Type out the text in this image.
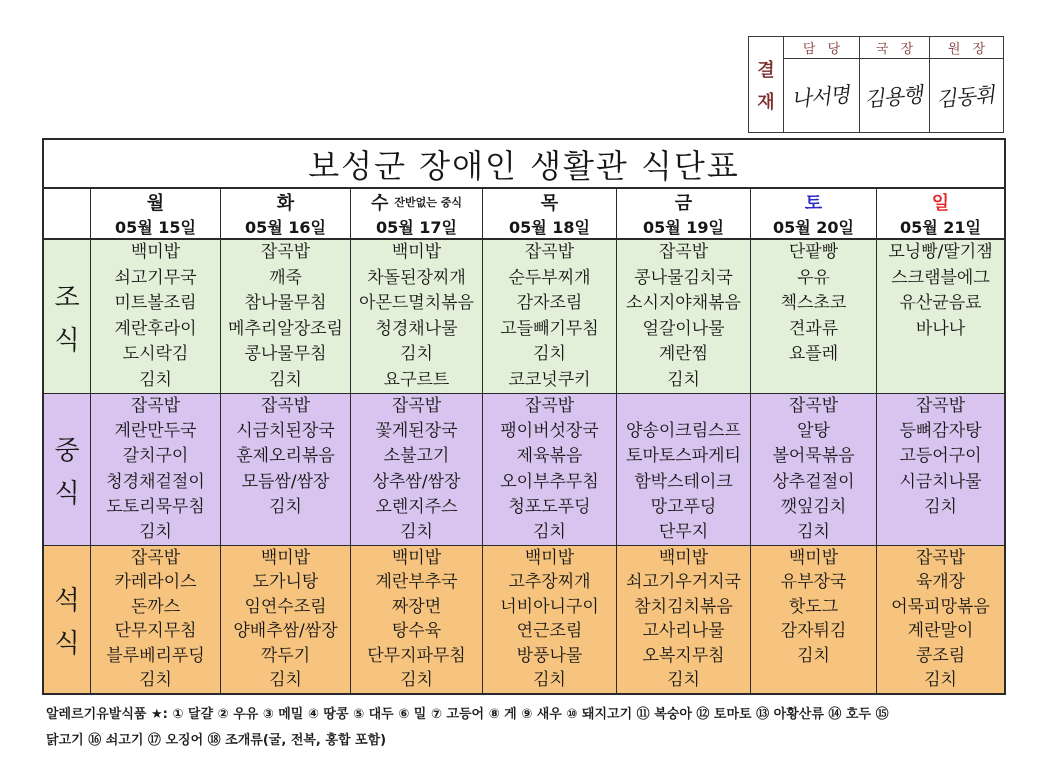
결
재
담 당	국 장	원 장
나서명 김용행 김동휘
보성군 장애인 생활관 식단표
월
05월 15일
화
05월 16일
수 잔반없는 중식
05월 17일
목
05월 18일
금
05월 19일
토
05월 20일
일
05월 21일
조
식
백미밥
쇠고기무국
미트볼조림
계란후라이
도시락김
김치
잡곡밥
깨죽
참나물무침
메추리알장조림
콩나물무침
김치
백미밥
차돌된장찌개
아몬드멸치볶음
청경채나물
김치
요구르트
잡곡밥
순두부찌개
감자조림
고들빼기무침
김치
코코넛쿠키
잡곡밥
콩나물김치국
소시지야채볶음
얼갈이나물
계란찜
김치
단팥빵
우유
첵스초코
견과류
요플레
모닝빵/딸기잼
스크램블에그
유산균음료
바나나
중
식
잡곡밥
계란만두국
갈치구이
청경채겉절이
도토리묵무침
김치
잡곡밥
시금치된장국
훈제오리볶음
모듬쌈/쌈장
김치
잡곡밥
꽃게된장국
소불고기
상추쌈/쌈장
오렌지주스
김치
잡곡밥
팽이버섯장국
제육볶음
오이부추무침
청포도푸딩
김치
양송이크림스프
토마토스파게티
함박스테이크
망고푸딩
단무지
잡곡밥
알탕
볼어묵볶음
상추겉절이
깻잎김치
김치
잡곡밥
등뼈감자탕
고등어구이
시금치나물
김치
석
식
잡곡밥
카레라이스
돈까스
단무지무침
블루베리푸딩
김치
백미밥
도가니탕
임연수조림
양배추쌈/쌈장
깍두기
김치
백미밥
계란부추국
짜장면
탕수육
단무지파무침
김치
백미밥
고추장찌개
너비아니구이
연근조림
방풍나물
김치
백미밥
쇠고기우거지국
참치김치볶음
고사리나물
오복지무침
김치
백미밥
유부장국
핫도그
감자튀김
김치
잡곡밥
육개장
어묵피망볶음
계란말이
콩조림
김치
알레르기유발식품 ★: ① 달걀 ② 우유 ③ 메밀 ④ 땅콩 ⑤ 대두 ⑥ 밀 ⑦ 고등어 ⑧ 게 ⑨ 새우 ⑩ 돼지고기 ⑪ 복숭아 ⑫ 토마토 ⑬ 아황산류 ⑭ 호두 ⑮
닭고기 ⑯ 쇠고기 ⑰ 오징어 ⑱ 조개류(굴, 전복, 홍합 포함)
